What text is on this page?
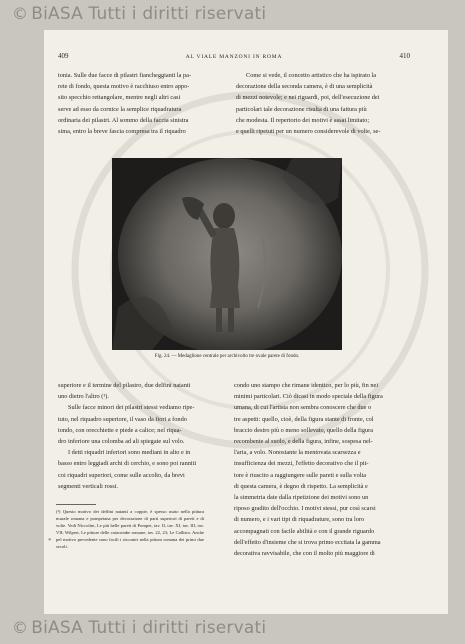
© BiASA Tutti i diritti riservati
409	AL VIALE MANZONI IN ROMA	410

tonia. Sulle due facce di pilastri fiancheggianti la pa-

rete di fondo, questa motivo è racchiuso entro appo-

sito specchio rettangolare, mentre negli altri casi

serve ad esso da cornice la semplice riquadratura

ordinaria dei pilastri. Al sommo della faccia sinistra

sima, entro la breve fascia compresa tra il riquadro

Come si vede, il concetto artistico che ha ispirato la

decorazione della seconda camera, è di una semplicità

di mezzi notevole; e nei riguardi, poi, dell'esecuzione dei

particolari tale decorazione risulta di una fattura più

che modesta. Il repertorio dei motivi è assai limitato;

e quelli ripetuti per un numero considerevole di volte, se-

Fig. 24. — Medaglione centrale per archivolto tre ovale parete di fondo.

superiore e il termine del pilastro, due delfini natanti

uno dietro l'altro (¹).

Sulle facce minori dei pilastri stessi vediamo ripe-

tuto, nel riquadro superiore, il vaso da fiori a fondo

tondo, con orecchiette e piede a calice; nel riqua-

dro inferiore una colomba ad ali spiegate sul volo.

I detti riquadri inferiori sono mediani in alto e in

basso entro leggiadi archi di cerchio, e sono poi ranniti

coi riquadri superiori, come sulle accolto, da brevi

segmenti verticali rossi.

condo uno stampo che rimane identico, per lo più, fin nei

minimi particolari. Ciò dicasi in modo speciale della figura

umana, di cui l'artista non sembra conoscere che due o

tre aspetti: quello, cioè, della figura stante di fronte, col

braccio destro più o meno sollevato, quello della figura

recombente al suolo, e della figura, infine, sospesa nel-

l'aria, a volo. Nonostante la mentovata scarsezza e

insufficienza dei mezzi, l'effetto decorativo che il pit-

tore è riuscito a raggiungere sulle pareti e sulla volta

di questa camera, è degno di rispetto. La semplicità e

la simmetria date dalla ripetizione dei motivi sono un

riposo gradito dell'occhio. I motivi stessi, pur così scarsi

di numero, e i vari tipi di riquadrature, sono tra loro

accompagnati con facile abilità e con il grande riguardo

dell'effetto d'insieme che si trova primo eccitata la gamma

decorativa ravvisabile, che con il molto più maggiore di

(¹) Questo motivo dei delfini natanti a coppie, è spesso usato nella pittura murale romana e pompeiana per decorazione di parti superiori di pareti e di volte. Vedi Niccolini, Le più belle pareti di Pompei, tav. II, tav. XI, tav. III, tav. VII; Wilpert, Le pitture delle catacombe romane, tav. 22, 23; Le Callisto. Anche pel motivo precedente sono facili i riscontri nella pittura romana dei primi due secoli.
*
© BiASA Tutti i diritti riservati
